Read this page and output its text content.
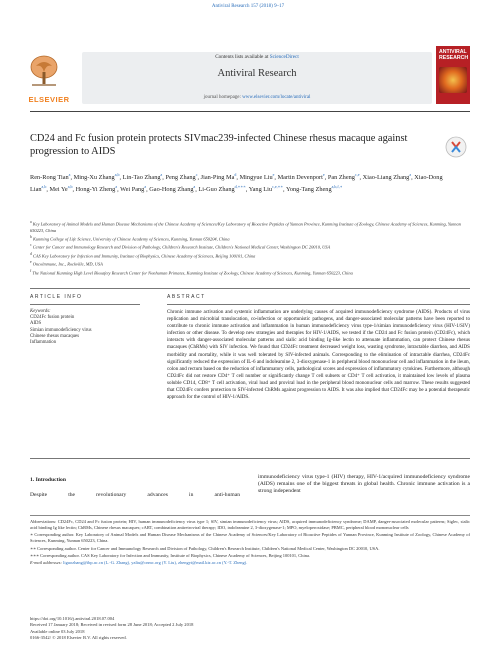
Antiviral Research 157 (2018) 9–17
ELSEVIER
Contents lists available at ScienceDirect
Antiviral Research
journal homepage: www.elsevier.com/locate/antiviral
ANTIVIRAL RESEARCH
CD24 and Fc fusion protein protects SIVmac239-infected Chinese rhesus macaque against progression to AIDS
Ren-Rong Tian$^a$, Ming-Xu Zhang$^{a,b}$, Lin-Tao Zhang$^a$, Peng Zhang$^c$, Jian-Ping Ma$^d$, Mingyue Liu$^e$, Martin Devenport$^e$, Pan Zheng$^{c,e}$, Xiao-Liang Zhang$^a$, Xiao-Dong Lian$^{a,b}$, Mei Ye$^{a,b}$, Hong-Yi Zheng$^a$, Wei Pang$^a$, Gao-Hong Zhang$^a$, Li-Guo Zhang$^{d,∗∗∗}$, Yang Liu$^{c,e,∗∗}$, Yong-Tang Zheng$^{a,b,f,∗}$
$^a$ Key Laboratory of Animal Models and Human Disease Mechanisms of the Chinese Academy of Sciences/Key Laboratory of Bioactive Peptides of Yunnan Province, Kunming Institute of Zoology, Chinese Academy of Sciences, Kunming, Yunnan 650223, China
$^b$ Kunming College of Life Science, University of Chinese Academy of Sciences, Kunming, Yunnan 650204, China
$^c$ Center for Cancer and Immunology Research and Division of Pathology, Children's Research Institute, Children's National Medical Center, Washington DC 20010, USA
$^d$ CAS Key Laboratory for Infection and Immunity, Institute of Biophysics, Chinese Academy of Sciences, Beijing 100101, China
$^e$ Oncolmmune, Inc., Rockville, MD, USA
$^f$ The National Kunming High Level Biosafety Research Center for Nonhuman Primates, Kunming Institute of Zoology, Chinese Academy of Sciences, Kunming, Yunnan 650223, China
ARTICLE INFO
Keywords:
CD24Fc fusion protein
AIDS
Simian immunodeficiency virus
Chinese rhesus macaques
Inflammation
ABSTRACT
Chronic immune activation and systemic inflammation are underlying causes of acquired immunodeficiency syndrome (AIDS). Products of virus replication and microbial translocation, co-infection or opportunistic pathogens, and danger-associated molecular patterns have been reported to contribute to chronic immune activation and inflammation in human immunodeficiency virus type-1/simian immunodeficiency virus (HIV-1/SIV) infection or other disease. To develop new strategies and therapies for HIV-1/AIDS, we tested if the CD24 and Fc fusion protein (CD24Fc), which interacts with danger-associated molecular patterns and sialic acid binding Ig-like lectin to attenuate inflammation, can protect Chinese rhesus macaques (ChRMs) with SIV infection. We found that CD24Fc treatment decreased weight loss, wasting syndrome, intractable diarrhea, and AIDS morbidity and mortality, while it was well tolerated by SIV-infected animals. Corresponding to the elimination of intractable diarrhea, CD24Fc significantly reduced the expression of IL-6 and indoleamine 2, 3-dioxygenase-1 in peripheral blood mononuclear cell and inflammation in the ileum, colon and rectum based on the reduction of inflammatory cells, pathological scores and expression of inflammatory cytokines. Furthermore, although CD24Fc did not restore CD4⁺ T cell number or significantly change T cell subsets or CD4⁺ T cell activation, it maintained low levels of plasma soluble CD14, CD8⁺ T cell activation, viral load and proviral load in the peripheral blood mononuclear cells and marrow. These results suggested that CD24Fc confers protection to SIV-infected ChRMs against progression to AIDS. It was also implied that CD24Fc may be a potential therapeutic approach for the control of HIV-1/AIDS.
1. Introduction
Despite the revolutionary advances in anti-human
immunodeficiency virus type-1 (HIV) therapy, HIV-1/acquired immunodeficiency syndrome (AIDS) remains one of the biggest threats in global health. Chronic immune activation is a strong independent
Abbreviations: CD24Fc, CD24 and Fc fusion protein; HIV, human immunodeficiency virus type 1; SIV, simian immunodeficiency virus; AIDS, acquired immunodeficiency syndrome; DAMP, danger-associated molecular patterns; Siglec, sialic acid binding Ig like lectin; ChRMs, Chinese rhesus macaques; cART, combination antiretroviral therapy; IDO, indoleamine 2, 3-dioxygenase-1; MPO, myeloperoxidase; PBMC, peripheral blood mononuclear cells
∗ Corresponding author. Key Laboratory of Animal Models and Human Disease Mechanisms of the Chinese Academy of Sciences/Key Laboratory of Bioactive Peptides of Yunnan Province, Kunming Institute of Zoology, Chinese Academy of Sciences, Kunming, Yunnan 650223, China.
∗∗ Corresponding author. Center for Cancer and Immunology Research and Division of Pathology, Children's Research Institute, Children's National Medical Center, Washington DC 20010, USA.
∗∗∗ Corresponding author. CAS Key Laboratory for Infection and Immunity, Institute of Biophysics, Chinese Academy of Sciences, Beijing 100101, China.
E-mail addresses: liguozhang@ibp.ac.cn (L.-G. Zhang), yaliu@cnmc.org (Y. Liu), zhengyt@mail.kiz.ac.cn (Y.-T. Zheng).
https://doi.org/10.1016/j.antiviral.2018.07.004
Received 17 January 2018; Received in revised form 28 June 2018; Accepted 2 July 2018
Available online 03 July 2018
0166-3542/ © 2018 Elsevier B.V. All rights reserved.
